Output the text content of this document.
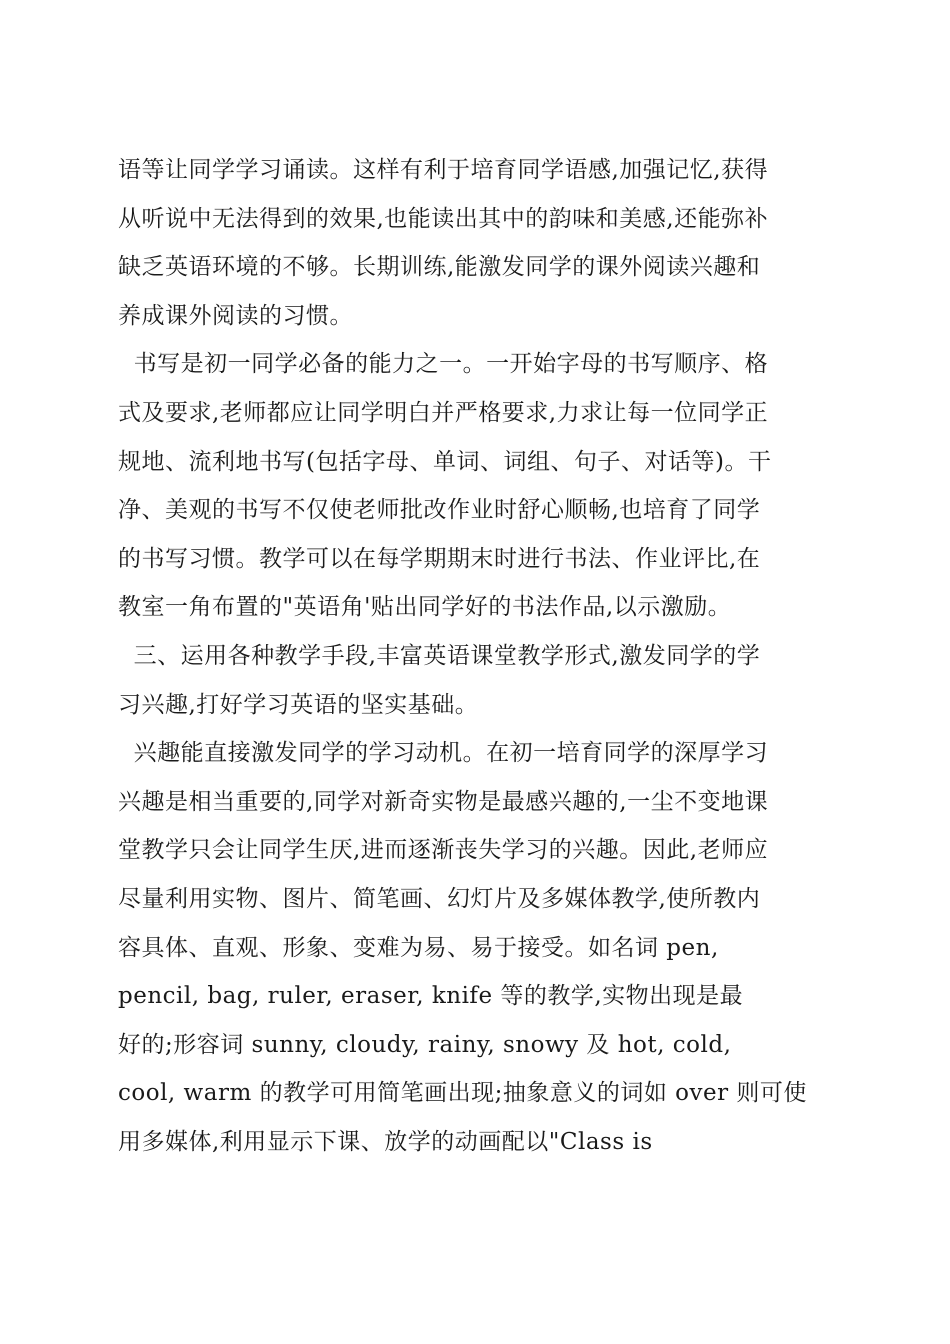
语等让同学学习诵读。这样有利于培育同学语感,加强记忆,获得
从听说中无法得到的效果,也能读出其中的韵味和美感,还能弥补
缺乏英语环境的不够。长期训练,能激发同学的课外阅读兴趣和
养成课外阅读的习惯。
书写是初一同学必备的能力之一。一开始字母的书写顺序、格
式及要求,老师都应让同学明白并严格要求,力求让每一位同学正
规地、流利地书写(包括字母、单词、词组、句子、对话等)。干
净、美观的书写不仅使老师批改作业时舒心顺畅,也培育了同学
的书写习惯。教学可以在每学期期末时进行书法、作业评比,在
教室一角布置的"英语角'贴出同学好的书法作品,以示激励。
三、运用各种教学手段,丰富英语课堂教学形式,激发同学的学
习兴趣,打好学习英语的坚实基础。
兴趣能直接激发同学的学习动机。在初一培育同学的深厚学习
兴趣是相当重要的,同学对新奇实物是最感兴趣的,一尘不变地课
堂教学只会让同学生厌,进而逐渐丧失学习的兴趣。因此,老师应
尽量利用实物、图片、简笔画、幻灯片及多媒体教学,使所教内
容具体、直观、形象、变难为易、易于接受。如名词 pen,
pencil, bag, ruler, eraser, knife 等的教学,实物出现是最
好的;形容词 sunny, cloudy, rainy, snowy 及 hot, cold,
cool, warm 的教学可用简笔画出现;抽象意义的词如 over 则可使
用多媒体,利用显示下课、放学的动画配以"Class is
